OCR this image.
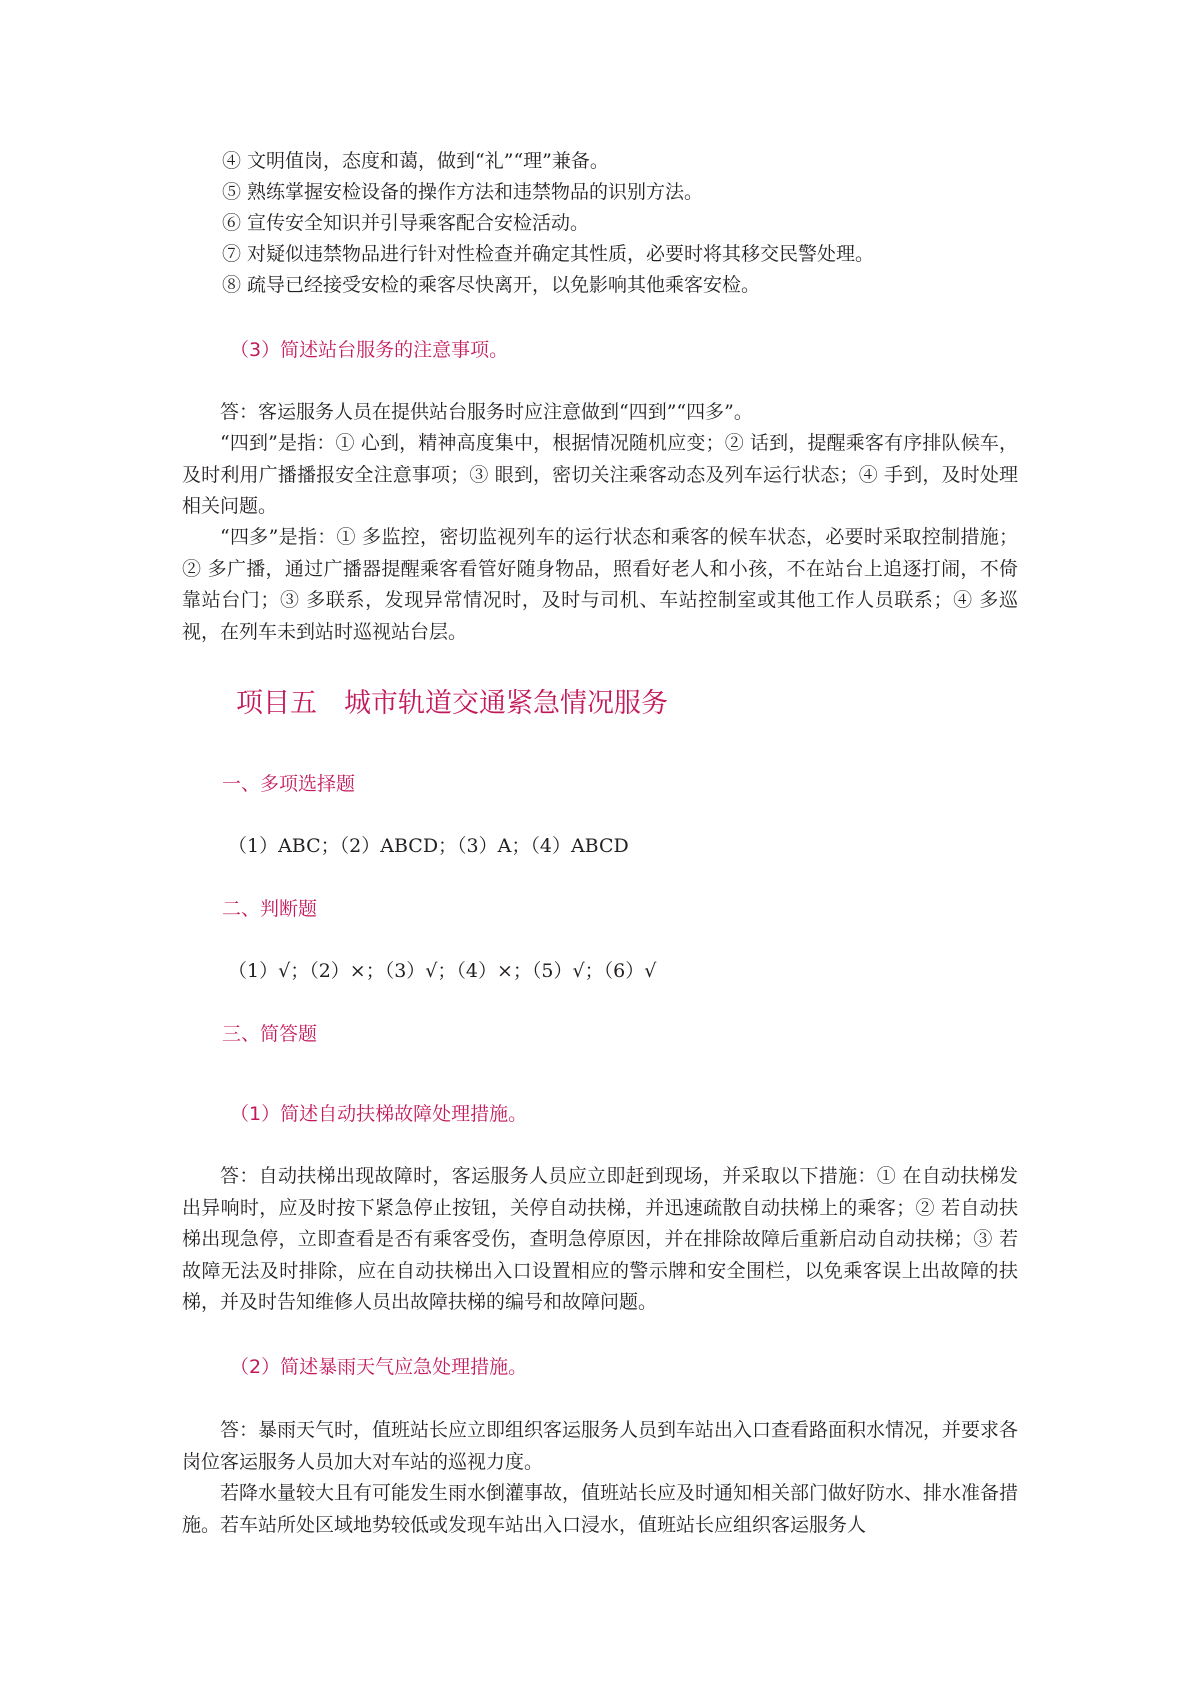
④ 文明值岗，态度和蔼，做到“礼”“理”兼备。

⑤ 熟练掌握安检设备的操作方法和违禁物品的识别方法。

⑥ 宣传安全知识并引导乘客配合安检活动。

⑦ 对疑似违禁物品进行针对性检查并确定其性质，必要时将其移交民警处理。

⑧ 疏导已经接受安检的乘客尽快离开，以免影响其他乘客安检。

（3）简述站台服务的注意事项。

答：客运服务人员在提供站台服务时应注意做到“四到”“四多”。

“四到”是指：① 心到，精神高度集中，根据情况随机应变；② 话到，提醒乘客有序排队候车，及时利用广播播报安全注意事项；③ 眼到，密切关注乘客动态及列车运行状态；④ 手到，及时处理相关问题。

“四多”是指：① 多监控，密切监视列车的运行状态和乘客的候车状态，必要时采取控制措施；② 多广播，通过广播器提醒乘客看管好随身物品，照看好老人和小孩，不在站台上追逐打闹，不倚靠站台门；③ 多联系，发现异常情况时，及时与司机、车站控制室或其他工作人员联系；④ 多巡视，在列车未到站时巡视站台层。

项目五　城市轨道交通紧急情况服务

一、多项选择题

（1）ABC；（2）ABCD；（3）A；（4）ABCD

二、判断题

（1）√；（2）×；（3）√；（4）×；（5）√；（6）√

三、简答题

（1）简述自动扶梯故障处理措施。

答：自动扶梯出现故障时，客运服务人员应立即赶到现场，并采取以下措施：① 在自动扶梯发出异响时，应及时按下紧急停止按钮，关停自动扶梯，并迅速疏散自动扶梯上的乘客；② 若自动扶梯出现急停，立即查看是否有乘客受伤，查明急停原因，并在排除故障后重新启动自动扶梯；③ 若故障无法及时排除，应在自动扶梯出入口设置相应的警示牌和安全围栏，以免乘客误上出故障的扶梯，并及时告知维修人员出故障扶梯的编号和故障问题。

（2）简述暴雨天气应急处理措施。

答：暴雨天气时，值班站长应立即组织客运服务人员到车站出入口查看路面积水情况，并要求各岗位客运服务人员加大对车站的巡视力度。

若降水量较大且有可能发生雨水倒灌事故，值班站长应及时通知相关部门做好防水、排水准备措施。若车站所处区域地势较低或发现车站出入口浸水，值班站长应组织客运服务人
